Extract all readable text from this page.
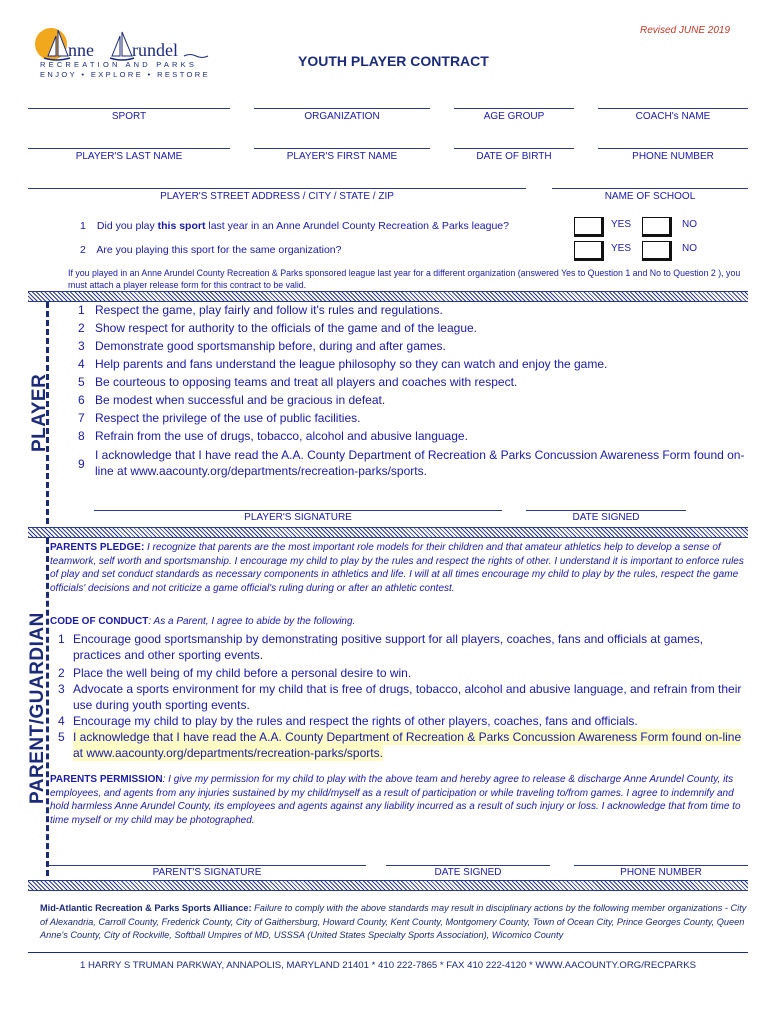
Revised JUNE 2019
nne rundel
RECREATION AND PARKS
ENJOY • EXPLORE • RESTORE
YOUTH PLAYER CONTRACT
SPORT	ORGANIZATION	AGE GROUP	COACH's NAME
PLAYER'S LAST NAME	PLAYER'S FIRST NAME	DATE OF BIRTH	PHONE NUMBER
PLAYER'S STREET ADDRESS / CITY / STATE / ZIP	NAME OF SCHOOL
1 Did you play this sport last year in an Anne Arundel County Recreation & Parks league?	YES	NO
2 Are you playing this sport for the same organization?	YES	NO
If you played in an Anne Arundel County Recreation & Parks sponsored league last year for a different organization (answered Yes to Question 1 and No to Question 2 ), you must attach a player release form for this contract to be valid.
PLAYER
1 Respect the game, play fairly and follow it's rules and regulations.
2 Show respect for authority to the officials of the game and of the league.
3 Demonstrate good sportsmanship before, during and after games.
4 Help parents and fans understand the league philosophy so they can watch and enjoy the game.
5 Be courteous to opposing teams and treat all players and coaches with respect.
6 Be modest when successful and be gracious in defeat.
7 Respect the privilege of the use of public facilities.
8 Refrain from the use of drugs, tobacco, alcohol and abusive language.
9
I acknowledge that I have read the A.A. County Department of Recreation & Parks Concussion Awareness Form found on-
line at www.aacounty.org/departments/recreation-parks/sports.
PLAYER'S SIGNATURE	DATE SIGNED
PARENT/GUARDIAN
PARENTS PLEDGE: I recognize that parents are the most important role models for their children and that amateur athletics help to develop a sense of teamwork, self worth and sportsmanship. I encourage my child to play by the rules and respect the rights of other. I understand it is important to enforce rules of play and set conduct standards as necessary components in athletics and life. I will at all times encourage my child to play by the rules, respect the game officials' decisions and not criticize a game official's ruling during or after an athletic contest.
CODE OF CONDUCT: As a Parent, I agree to abide by the following.
1 Encourage good sportsmanship by demonstrating positive support for all players, coaches, fans and officials at games,
practices and other sporting events.
2 Place the well being of my child before a personal desire to win.
3 Advocate a sports environment for my child that is free of drugs, tobacco, alcohol and abusive language, and refrain from their
use during youth sporting events.
4 Encourage my child to play by the rules and respect the rights of other players, coaches, fans and officials.
5 I acknowledge that I have read the A.A. County Department of Recreation & Parks Concussion Awareness Form found on-line
at www.aacounty.org/departments/recreation-parks/sports.
PARENTS PERMISSION: I give my permission for my child to play with the above team and hereby agree to release & discharge Anne Arundel County, its employees, and agents from any injuries sustained by my child/myself as a result of participation or while traveling to/from games. I agree to indemnify and hold harmless Anne Arundel County, its employees and agents against any liability incurred as a result of such injury or loss. I acknowledge that from time to time myself or my child may be photographed.
PARENT'S SIGNATURE	DATE SIGNED	PHONE NUMBER
Mid-Atlantic Recreation & Parks Sports Alliance: Failure to comply with the above standards may result in disciplinary actions by the following member organizations - City of Alexandria, Carroll County, Frederick County, City of Gaithersburg, Howard County, Kent County, Montgomery County, Town of Ocean City, Prince Georges County, Queen Anne's County, City of Rockville, Softball Umpires of MD, USSSA (United States Specialty Sports Association), Wicomico County
1 HARRY S TRUMAN PARKWAY, ANNAPOLIS, MARYLAND 21401 * 410 222-7865 * FAX 410 222-4120 * WWW.AACOUNTY.ORG/RECPARKS
